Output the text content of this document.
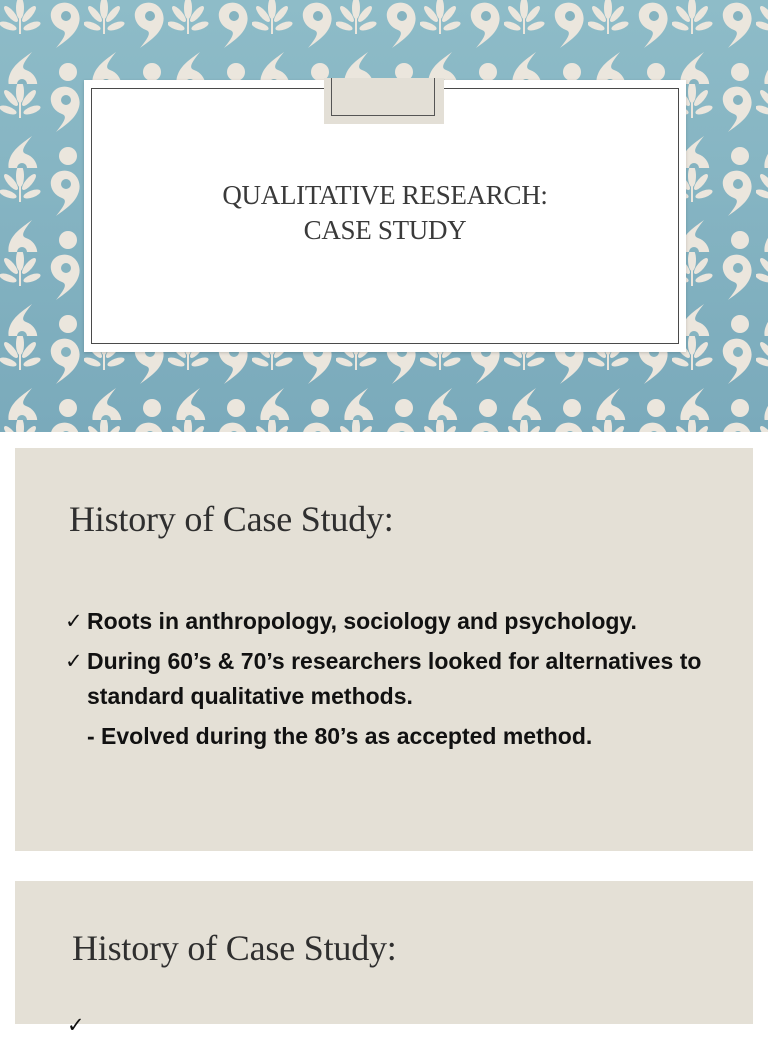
QUALITATIVE RESEARCH:
CASE STUDY
History of Case Study:
✓ Roots in anthropology, sociology and psychology.
✓ During 60’s & 70’s researchers looked for alternatives to standard qualitative methods.
- Evolved during the 80’s as accepted method.
History of Case Study:
✓
